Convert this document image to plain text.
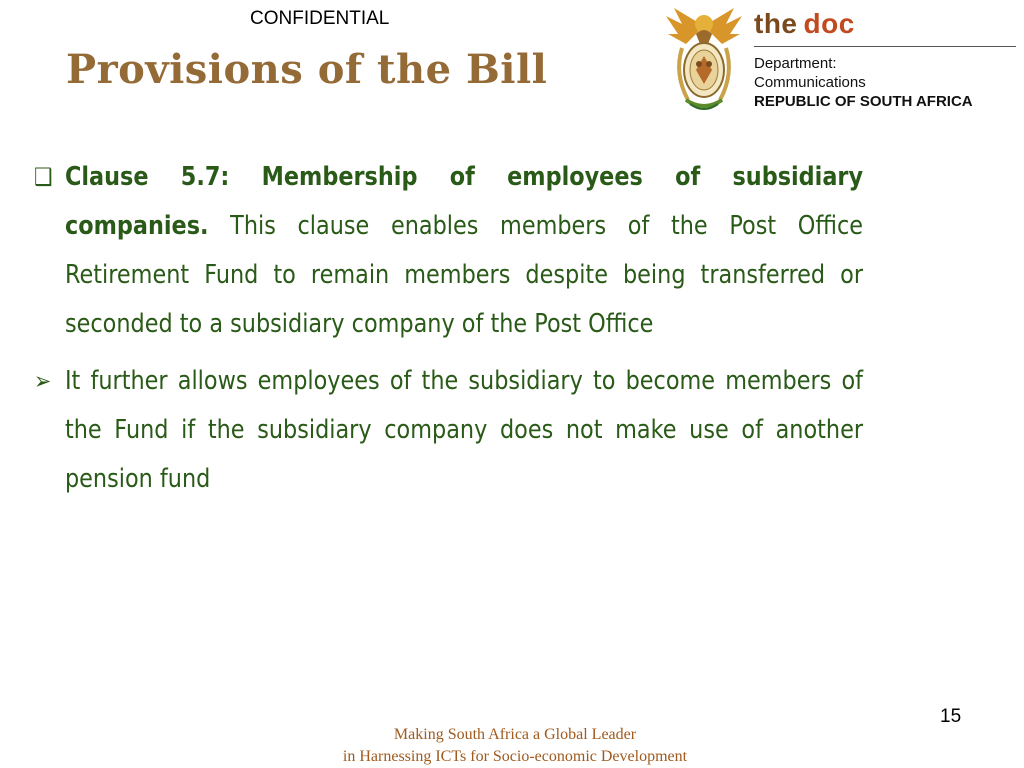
CONFIDENTIAL
Provisions of the Bill
the doc
Department:
Communications
REPUBLIC OF SOUTH AFRICA
❑ Clause 5.7: Membership of employees of subsidiary companies. This clause enables members of the Post Office Retirement Fund to remain members despite being transferred or seconded to a subsidiary company of the Post Office
➢ It further allows employees of the subsidiary to become members of the Fund if the subsidiary company does not make use of another pension fund
15
Making South Africa a Global Leader
in Harnessing ICTs for Socio-economic Development
